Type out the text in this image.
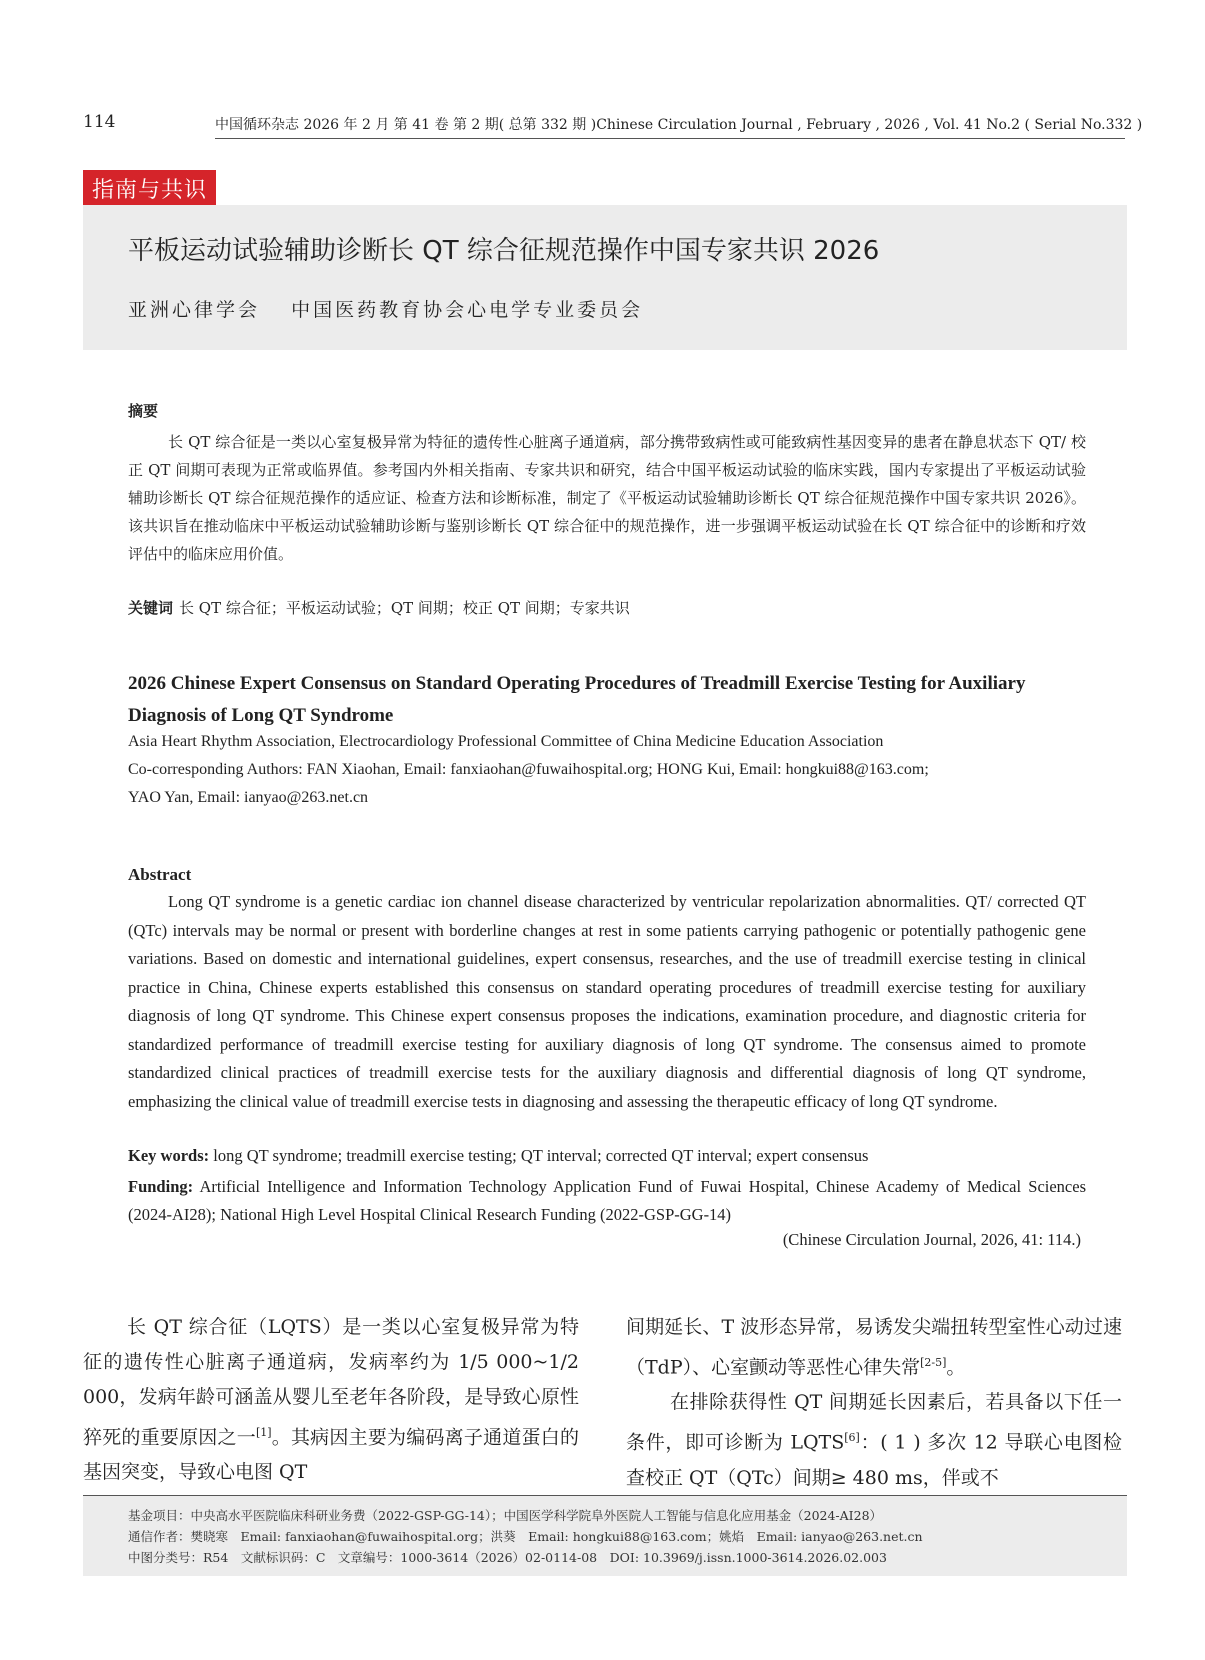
114	中国循环杂志 2026 年 2 月 第 41 卷 第 2 期( 总第 332 期 )Chinese Circulation Journal , February , 2026 , Vol. 41 No.2 ( Serial No.332 )
指南与共识
平板运动试验辅助诊断长 QT 综合征规范操作中国专家共识 2026
亚洲心律学会 中国医药教育协会心电学专业委员会
摘要

长 QT 综合征是一类以心室复极异常为特征的遗传性心脏离子通道病，部分携带致病性或可能致病性基因变异的患者在静息状态下 QT/ 校正 QT 间期可表现为正常或临界值。参考国内外相关指南、专家共识和研究，结合中国平板运动试验的临床实践，国内专家提出了平板运动试验辅助诊断长 QT 综合征规范操作的适应证、检查方法和诊断标准，制定了《平板运动试验辅助诊断长 QT 综合征规范操作中国专家共识 2026》。该共识旨在推动临床中平板运动试验辅助诊断与鉴别诊断长 QT 综合征中的规范操作，进一步强调平板运动试验在长 QT 综合征中的诊断和疗效评估中的临床应用价值。

关键词 长 QT 综合征；平板运动试验；QT 间期；校正 QT 间期；专家共识

2026 Chinese Expert Consensus on Standard Operating Procedures of Treadmill Exercise Testing for Auxiliary Diagnosis of Long QT Syndrome

Asia Heart Rhythm Association, Electrocardiology Professional Committee of China Medicine Education Association
Co-corresponding Authors: FAN Xiaohan, Email: fanxiaohan@fuwaihospital.org; HONG Kui, Email: hongkui88@163.com;
YAO Yan, Email: ianyao@263.net.cn
Abstract

Long QT syndrome is a genetic cardiac ion channel disease characterized by ventricular repolarization abnormalities. QT/ corrected QT (QTc) intervals may be normal or present with borderline changes at rest in some patients carrying pathogenic or potentially pathogenic gene variations. Based on domestic and international guidelines, expert consensus, researches, and the use of treadmill exercise testing in clinical practice in China, Chinese experts established this consensus on standard operating procedures of treadmill exercise testing for auxiliary diagnosis of long QT syndrome. This Chinese expert consensus proposes the indications, examination procedure, and diagnostic criteria for standardized performance of treadmill exercise testing for auxiliary diagnosis of long QT syndrome. The consensus aimed to promote standardized clinical practices of treadmill exercise tests for the auxiliary diagnosis and differential diagnosis of long QT syndrome, emphasizing the clinical value of treadmill exercise tests in diagnosing and assessing the therapeutic efficacy of long QT syndrome.

Key words: long QT syndrome; treadmill exercise testing; QT interval; corrected QT interval; expert consensus

Funding: Artificial Intelligence and Information Technology Application Fund of Fuwai Hospital, Chinese Academy of Medical Sciences (2024-AI28); National High Level Hospital Clinical Research Funding (2022-GSP-GG-14)

(Chinese Circulation Journal, 2026, 41: 114.)

长 QT 综合征（LQTS）是一类以心室复极异常为特征的遗传性心脏离子通道病，发病率约为 1/5 000~1/2 000，发病年龄可涵盖从婴儿至老年各阶段，是导致心原性猝死的重要原因之一[1]。其病因主要为编码离子通道蛋白的基因突变，导致心电图 QT

间期延长、T 波形态异常，易诱发尖端扭转型室性心动过速（TdP）、心室颤动等恶性心律失常[2-5]。

在排除获得性 QT 间期延长因素后，若具备以下任一条件，即可诊断为 LQTS[6]：( 1 ) 多次 12 导联心电图检查校正 QT（QTc）间期≥ 480 ms，伴或不

基金项目：中央高水平医院临床科研业务费（2022-GSP-GG-14）；中国医学科学院阜外医院人工智能与信息化应用基金（2024-AI28）
通信作者：樊晓寒　Email: fanxiaohan@fuwaihospital.org；洪葵　Email: hongkui88@163.com；姚焰　Email: ianyao@263.net.cn
中图分类号：R54　文献标识码：C　文章编号：1000-3614（2026）02-0114-08　DOI: 10.3969/j.issn.1000-3614.2026.02.003
